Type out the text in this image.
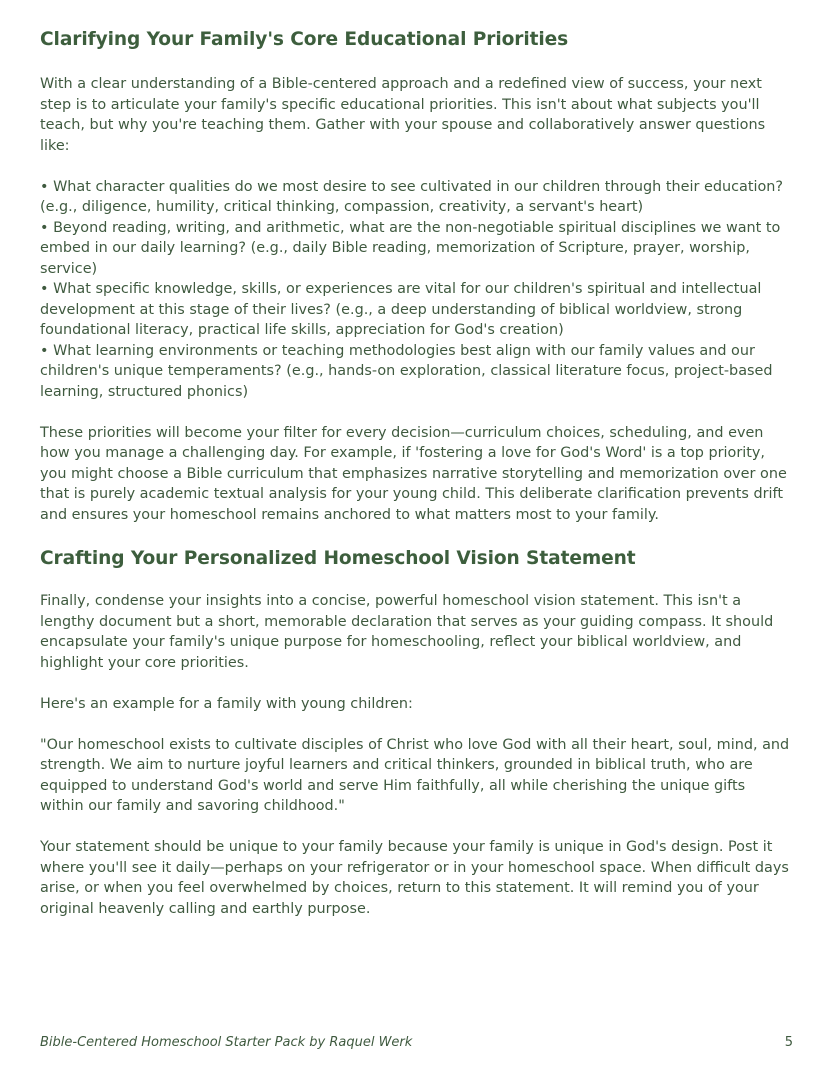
Clarifying Your Family's Core Educational Priorities

With a clear understanding of a Bible-centered approach and a redefined view of success, your next step is to articulate your family's specific educational priorities. This isn't about what subjects you'll teach, but why you're teaching them. Gather with your spouse and collaboratively answer questions like:

• What character qualities do we most desire to see cultivated in our children through their education? (e.g., diligence, humility, critical thinking, compassion, creativity, a servant's heart)
• Beyond reading, writing, and arithmetic, what are the non-negotiable spiritual disciplines we want to embed in our daily learning? (e.g., daily Bible reading, memorization of Scripture, prayer, worship, service)
• What specific knowledge, skills, or experiences are vital for our children's spiritual and intellectual development at this stage of their lives? (e.g., a deep understanding of biblical worldview, strong foundational literacy, practical life skills, appreciation for God's creation)
• What learning environments or teaching methodologies best align with our family values and our children's unique temperaments? (e.g., hands-on exploration, classical literature focus, project-based learning, structured phonics)

These priorities will become your filter for every decision—curriculum choices, scheduling, and even how you manage a challenging day. For example, if 'fostering a love for God's Word' is a top priority, you might choose a Bible curriculum that emphasizes narrative storytelling and memorization over one that is purely academic textual analysis for your young child. This deliberate clarification prevents drift and ensures your homeschool remains anchored to what matters most to your family.

Crafting Your Personalized Homeschool Vision Statement

Finally, condense your insights into a concise, powerful homeschool vision statement. This isn't a lengthy document but a short, memorable declaration that serves as your guiding compass. It should encapsulate your family's unique purpose for homeschooling, reflect your biblical worldview, and highlight your core priorities.

Here's an example for a family with young children:

"Our homeschool exists to cultivate disciples of Christ who love God with all their heart, soul, mind, and strength. We aim to nurture joyful learners and critical thinkers, grounded in biblical truth, who are equipped to understand God's world and serve Him faithfully, all while cherishing the unique gifts within our family and savoring childhood."

Your statement should be unique to your family because your family is unique in God's design. Post it where you'll see it daily—perhaps on your refrigerator or in your homeschool space. When difficult days arise, or when you feel overwhelmed by choices, return to this statement. It will remind you of your original heavenly calling and earthly purpose.

Bible-Centered Homeschool Starter Pack by Raquel Werk	5
